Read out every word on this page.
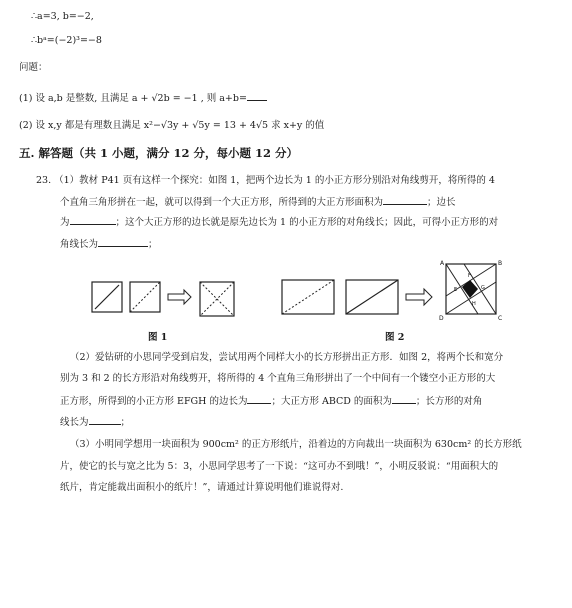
∴a=3, b=−2,
∴bᵃ=(−2)³=−8
问题：
(1) 设 a,b 是整数, 且满足 a + √2b = −1 , 则 a+b=
(2) 设 x,y 都是有理数且满足 x²−√3y + √5y = 13 + 4√5 求 x+y 的值
五. 解答题（共 1 小题，满分 12 分，每小题 12 分）
23. （1）教材 P41 页有这样一个探究：如图 1，把两个边长为 1 的小正方形分别沿对角线剪开，将所得的 4
个直角三角形拼在一起，就可以得到一个大正方形，所得到的大正方形面积为	；边长
为	；这个大正方形的边长就是原先边长为 1 的小正方形的对角线长；因此，可得小正方形的对
角线长为	；
图 1
A	B
C
D
E
F
G
H
图 2
（2）爱钻研的小思同学受到启发，尝试用两个同样大小的长方形拼出正方形．如图 2，将两个长和宽分
别为 3 和 2 的长方形沿对角线剪开，将所得的 4 个直角三角形拼出了一个中间有一个镂空小正方形的大
正方形，所得到的小正方形 EFGH 的边长为	；大正方形 ABCD 的面积为	；长方形的对角
线长为	；
（3）小明同学想用一块面积为 900cm² 的正方形纸片，沿着边的方向裁出一块面积为 630cm² 的长方形纸
片，使它的长与宽之比为 5：3，小思同学思考了一下说：“这可办不到哦！”，小明反驳说：“用面积大的
纸片，肯定能裁出面积小的纸片！”，请通过计算说明他们谁说得对.
